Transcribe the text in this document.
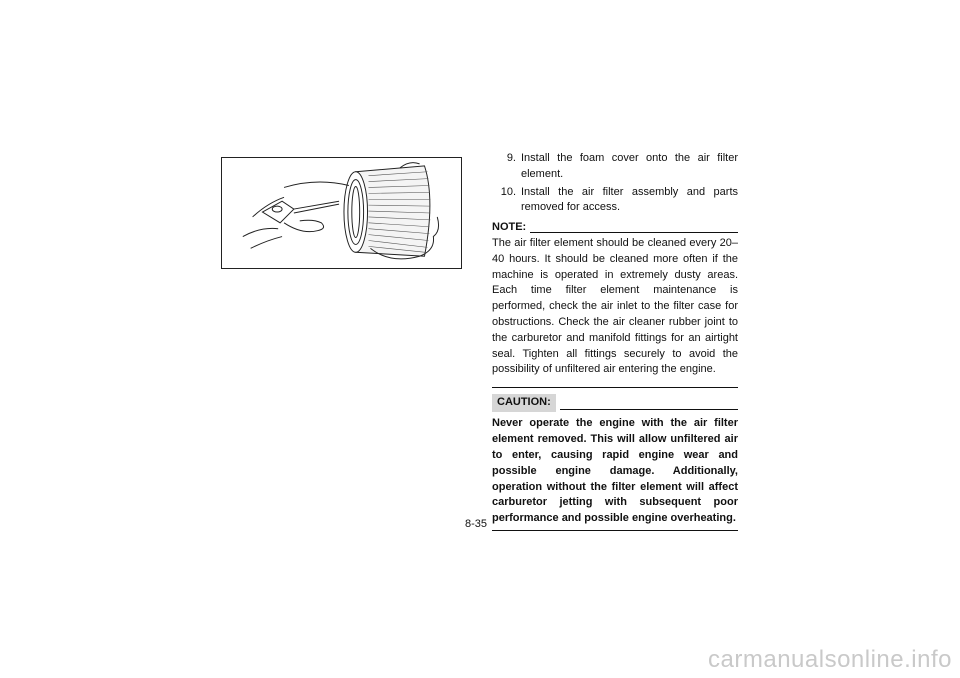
9. Install the foam cover onto the air filter element.
10. Install the air filter assembly and parts removed for access.
NOTE:
The air filter element should be cleaned every 20–40 hours. It should be cleaned more often if the machine is operated in extremely dusty areas. Each time filter element maintenance is performed, check the air inlet to the filter case for obstructions. Check the air cleaner rubber joint to the carburetor and manifold fittings for an airtight seal. Tighten all fittings securely to avoid the possibility of unfiltered air entering the engine.
CAUTION:
Never operate the engine with the air filter element removed. This will allow unfiltered air to enter, causing rapid engine wear and possible engine damage. Additionally, operation without the filter element will affect carburetor jetting with subsequent poor performance and possible engine overheating.
8-35
carmanualsonline.info
